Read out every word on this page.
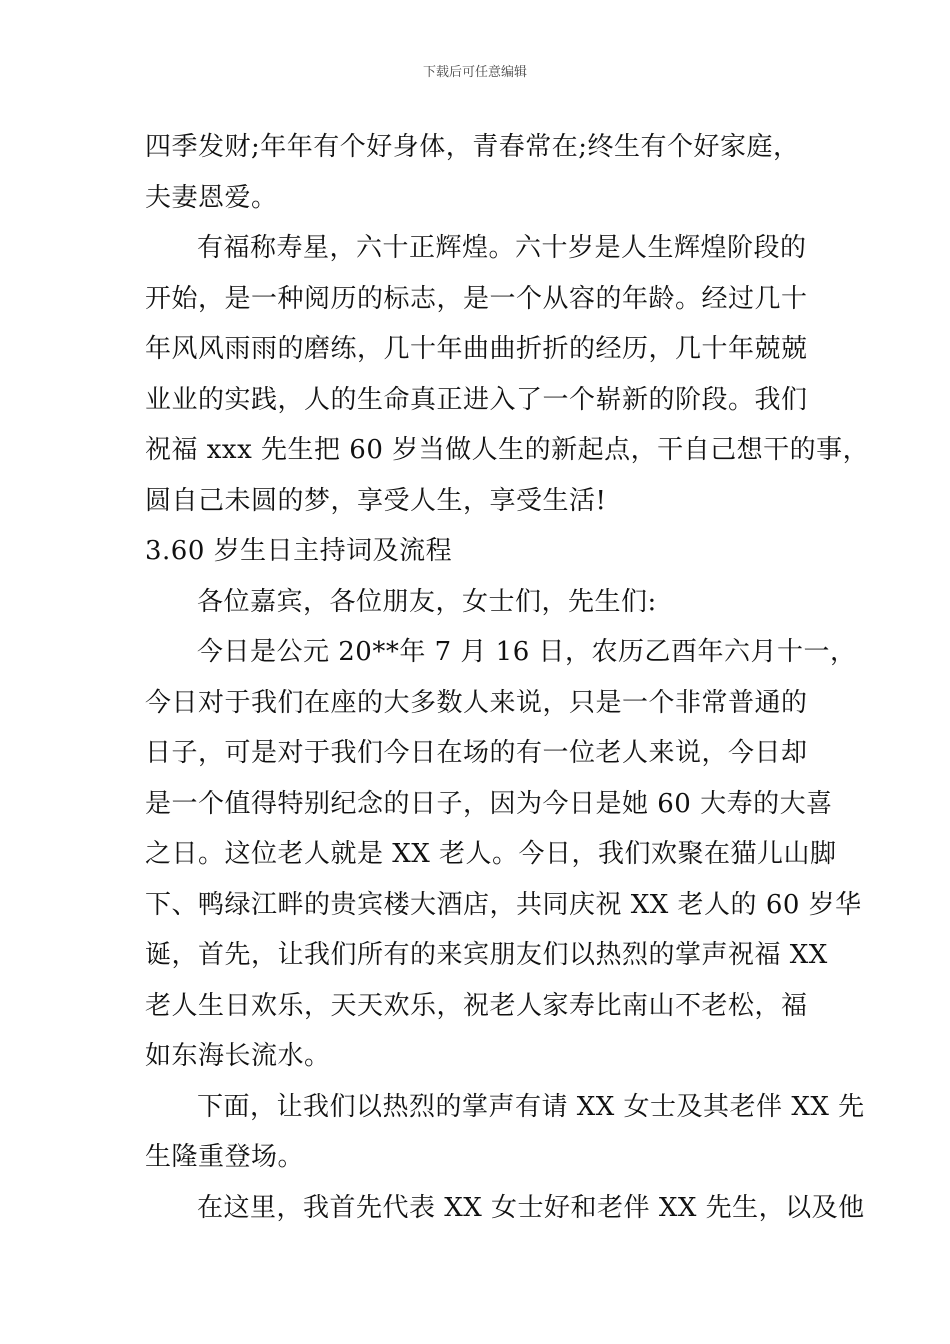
下载后可任意编辑
四季发财;年年有个好身体，青春常在;终生有个好家庭，
夫妻恩爱。
有福称寿星，六十正辉煌。六十岁是人生辉煌阶段的
开始，是一种阅历的标志，是一个从容的年龄。经过几十
年风风雨雨的磨练，几十年曲曲折折的经历，几十年兢兢
业业的实践，人的生命真正进入了一个崭新的阶段。我们
祝福 xxx 先生把 60 岁当做人生的新起点，干自己想干的事，
圆自己未圆的梦，享受人生，享受生活!
3.60 岁生日主持词及流程
各位嘉宾，各位朋友，女士们，先生们:
今日是公元 20**年 7 月 16 日，农历乙酉年六月十一，
今日对于我们在座的大多数人来说，只是一个非常普通的
日子，可是对于我们今日在场的有一位老人来说，今日却
是一个值得特别纪念的日子，因为今日是她 60 大寿的大喜
之日。这位老人就是 XX 老人。今日，我们欢聚在猫儿山脚
下、鸭绿江畔的贵宾楼大酒店，共同庆祝 XX 老人的 60 岁华
诞，首先，让我们所有的来宾朋友们以热烈的掌声祝福 XX
老人生日欢乐，天天欢乐，祝老人家寿比南山不老松，福
如东海长流水。
下面，让我们以热烈的掌声有请 XX 女士及其老伴 XX 先
生隆重登场。
在这里，我首先代表 XX 女士好和老伴 XX 先生，以及他
